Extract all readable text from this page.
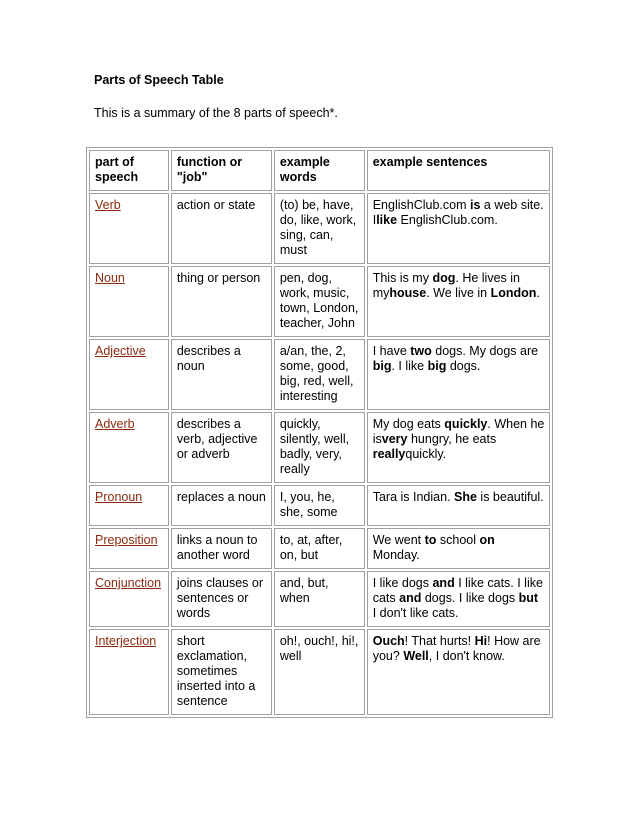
Parts of Speech Table

This is a summary of the 8 parts of speech*.

part of speech	function or "job"	example words	example sentences
Verb	action or state	(to) be, have, do, like, work, sing, can, must	EnglishClub.com is a web site. Ilike EnglishClub.com.
Noun	thing or person	pen, dog, work, music, town, London, teacher, John	This is my dog. He lives in myhouse. We live in London.
Adjective	describes a noun	a/an, the, 2, some, good, big, red, well, interesting	I have two dogs. My dogs are big. I like big dogs.
Adverb	describes a verb, adjective or adverb	quickly, silently, well, badly, very, really	My dog eats quickly. When he isvery hungry, he eats reallyquickly.
Pronoun	replaces a noun	I, you, he, she, some	Tara is Indian. She is beautiful.
Preposition	links a noun to another word	to, at, after, on, but	We went to school on Monday.
Conjunction	joins clauses or sentences or words	and, but, when	I like dogs and I like cats. I like cats and dogs. I like dogs but I don't like cats.
Interjection	short exclamation, sometimes inserted into a sentence	oh!, ouch!, hi!, well	Ouch! That hurts! Hi! How are you? Well, I don't know.
